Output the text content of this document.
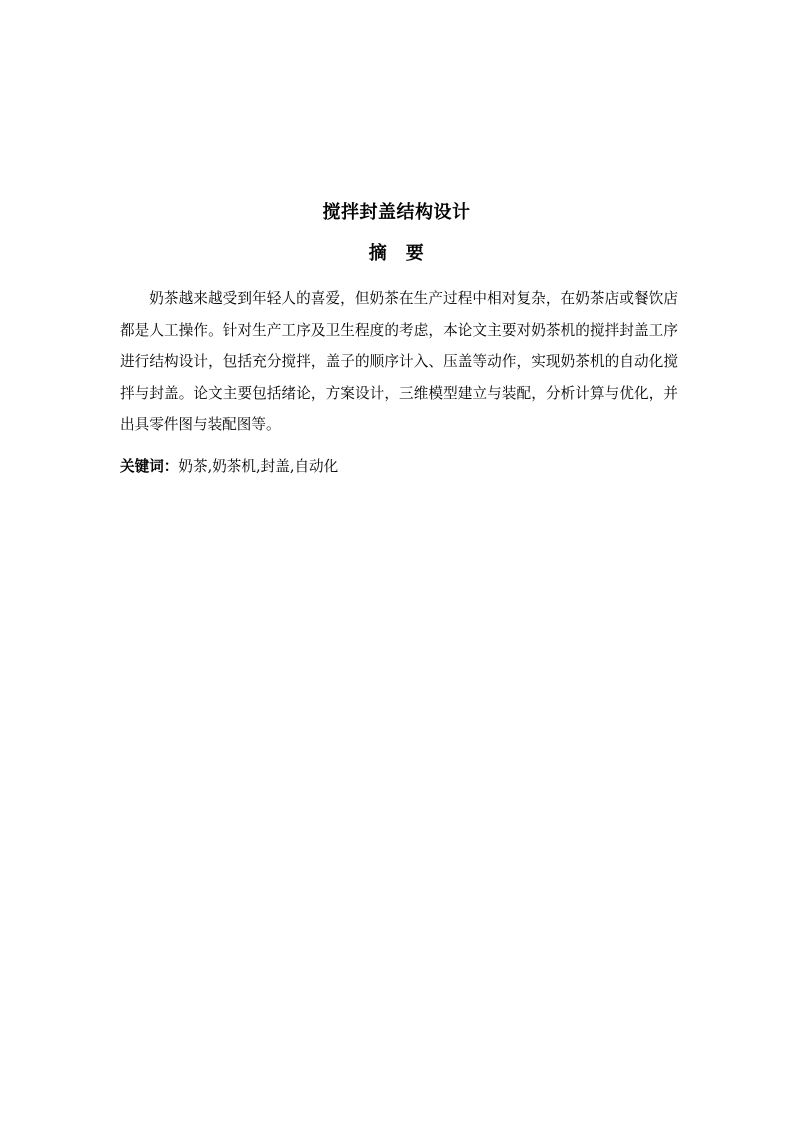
搅拌封盖结构设计
摘　要

奶茶越来越受到年轻人的喜爱，但奶茶在生产过程中相对复杂，在奶茶店或餐饮店都是人工操作。针对生产工序及卫生程度的考虑，本论文主要对奶茶机的搅拌封盖工序进行结构设计，包括充分搅拌，盖子的顺序计入、压盖等动作，实现奶茶机的自动化搅拌与封盖。论文主要包括绪论，方案设计，三维模型建立与装配，分析计算与优化，并出具零件图与装配图等。

关键词：奶茶,奶茶机,封盖,自动化
